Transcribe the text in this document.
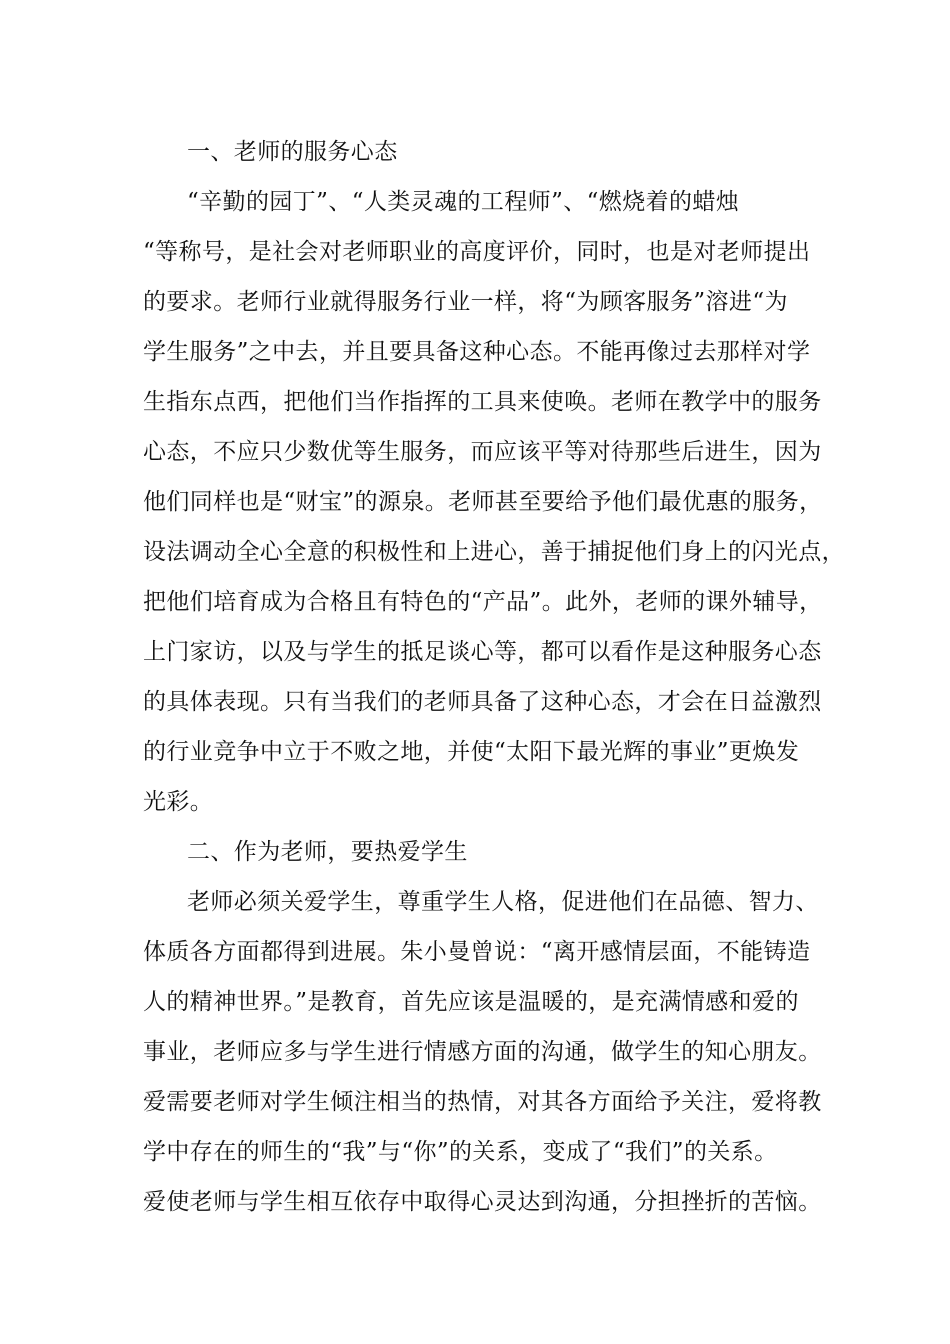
一、老师的服务心态
“辛勤的园丁”、“人类灵魂的工程师”、“燃烧着的蜡烛
“等称号，是社会对老师职业的高度评价，同时，也是对老师提出
的要求。老师行业就得服务行业一样，将“为顾客服务”溶进“为
学生服务”之中去，并且要具备这种心态。不能再像过去那样对学
生指东点西，把他们当作指挥的工具来使唤。老师在教学中的服务
心态，不应只少数优等生服务，而应该平等对待那些后进生，因为
他们同样也是“财宝”的源泉。老师甚至要给予他们最优惠的服务，
设法调动全心全意的积极性和上进心，善于捕捉他们身上的闪光点，
把他们培育成为合格且有特色的“产品”。此外，老师的课外辅导，
上门家访，以及与学生的抵足谈心等，都可以看作是这种服务心态
的具体表现。只有当我们的老师具备了这种心态，才会在日益激烈
的行业竞争中立于不败之地，并使“太阳下最光辉的事业”更焕发
光彩。
二、作为老师，要热爱学生
老师必须关爱学生，尊重学生人格，促进他们在品德、智力、
体质各方面都得到进展。朱小曼曾说：“离开感情层面，不能铸造
人的精神世界。”是教育，首先应该是温暖的，是充满情感和爱的
事业，老师应多与学生进行情感方面的沟通，做学生的知心朋友。
爱需要老师对学生倾注相当的热情，对其各方面给予关注，爱将教
学中存在的师生的“我”与“你”的关系，变成了“我们”的关系。
爱使老师与学生相互依存中取得心灵达到沟通，分担挫折的苦恼。
